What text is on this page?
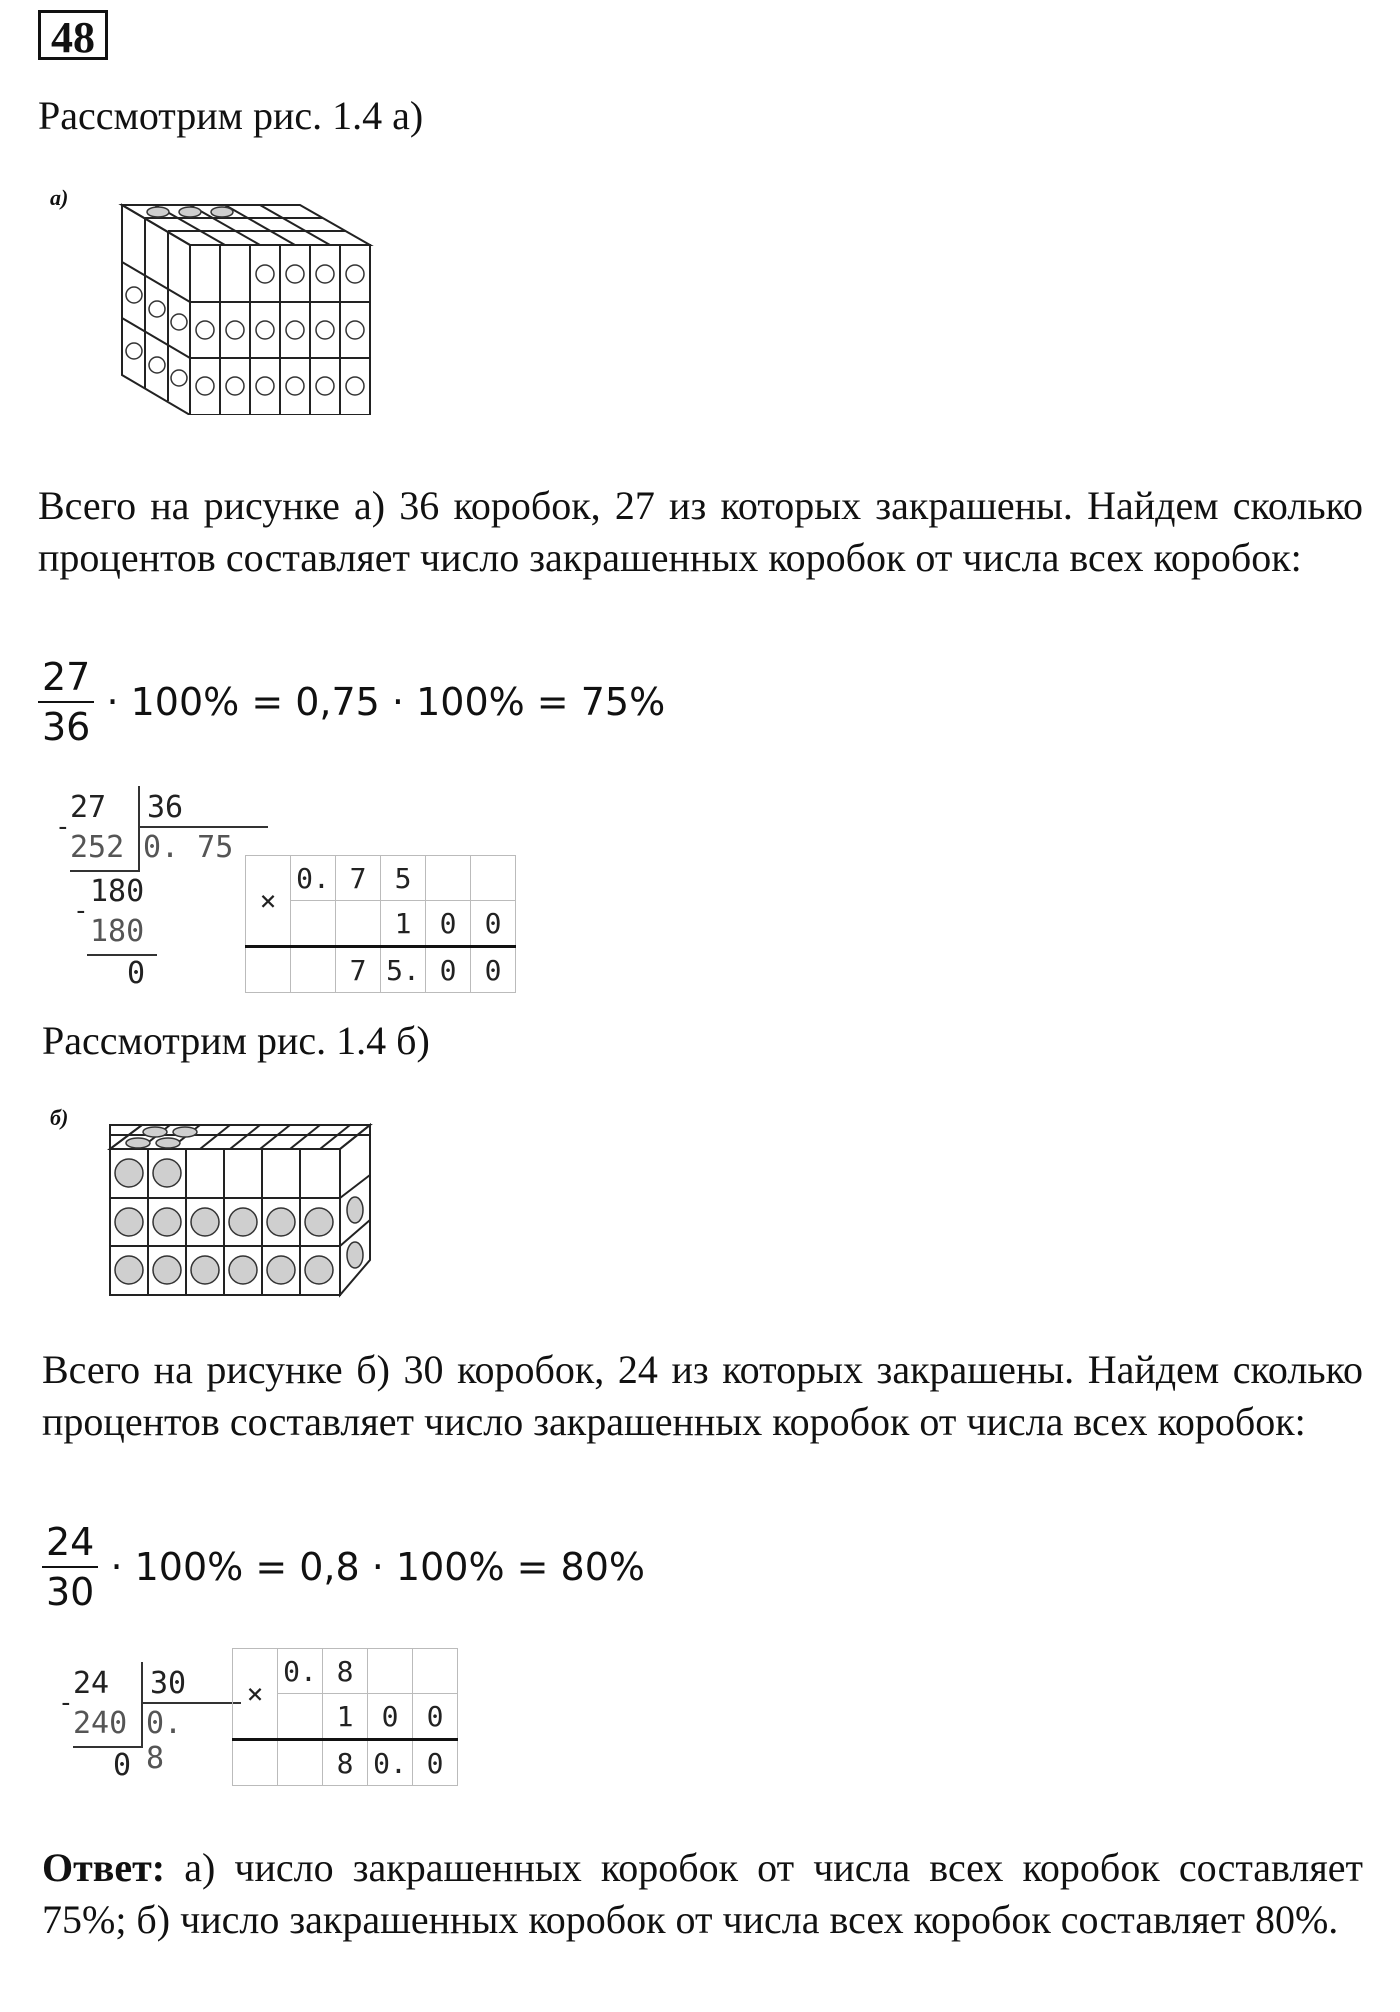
48
Рассмотрим рис. 1.4 а)
а)
Всего на рисунке а) 36 коробок, 27 из которых закрашены. Найдем сколько процентов составляет число закрашенных коробок от числа всех коробок:
$\frac{27}{36} \cdot 100\% = 0,75 \cdot 100\% = 75\%$
27
-
252
36
0. 75
180
-
180
0
×	0.	7	5		
			1	0	0
		7	5.	0	0
Рассмотрим рис. 1.4 б)
б)
Всего на рисунке б) 30 коробок, 24 из которых закрашены. Найдем сколько процентов составляет число закрашенных коробок от числа всех коробок:
$\frac{24}{30} \cdot 100\% = 0,8 \cdot 100\% = 80\%$
24
-
240
30
0. 8
0
×	0.	8		
		1	0	0
		8	0.	0
Ответ: а) число закрашенных коробок от числа всех коробок составляет 75%; б) число закрашенных коробок от числа всех коробок составляет 80%.
